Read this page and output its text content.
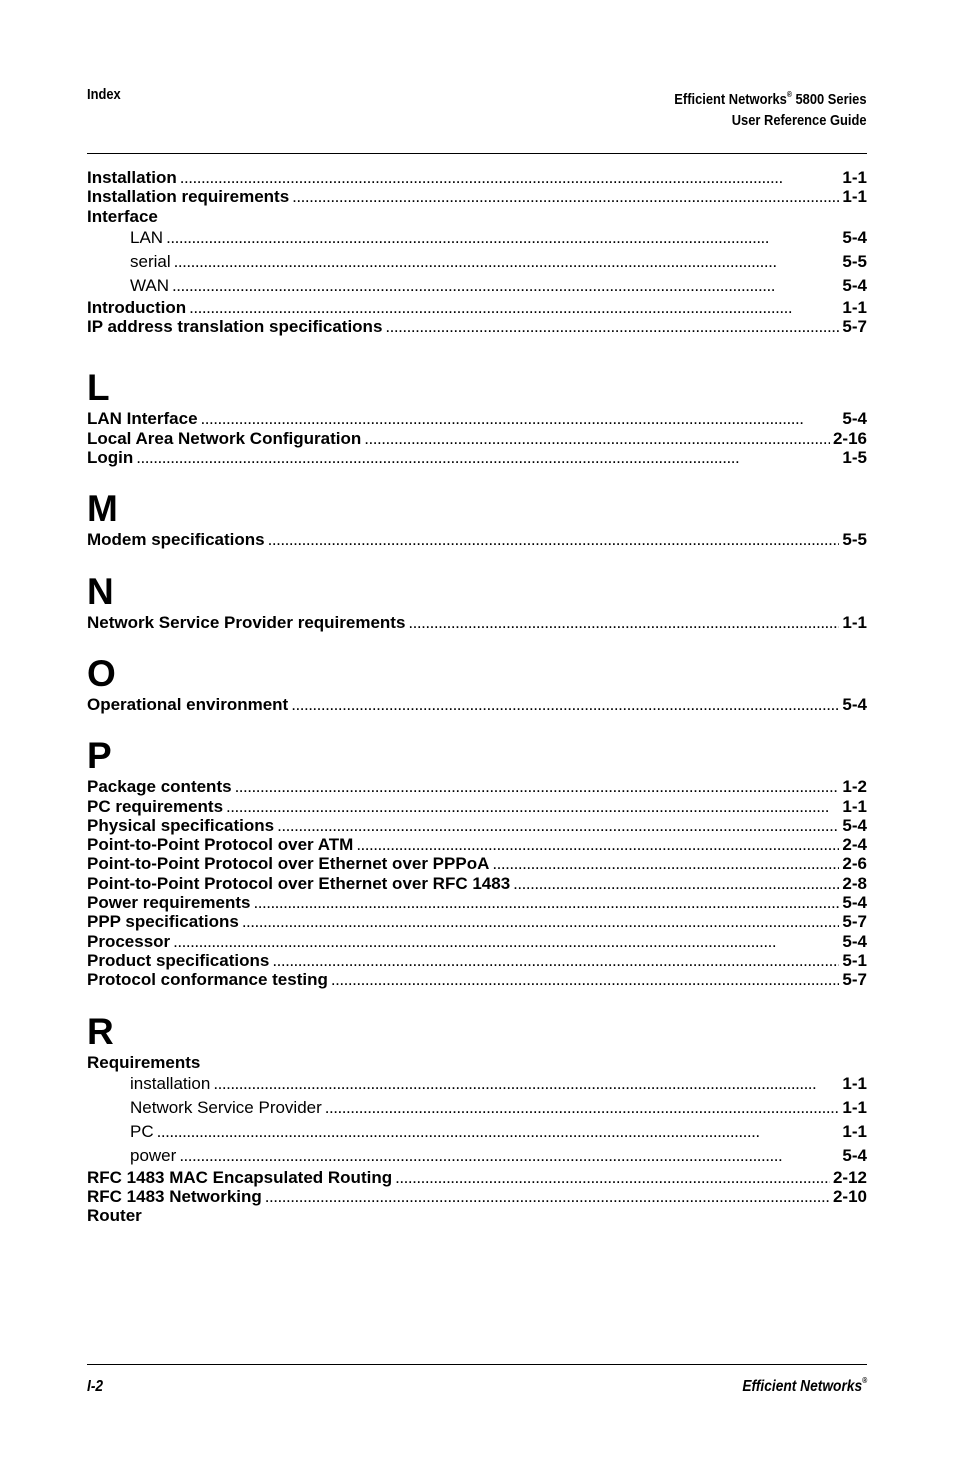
Index	Efficient Networks® 5800 Series
User Reference Guide
Installation . . .	1-1
Installation requirements . . .	1-1
Interface
LAN . . .	5-4
serial . . .	5-5
WAN . . .	5-4
Introduction . . .	1-1
IP address translation specifications . . .	5-7
L
LAN Interface . . .	5-4
Local Area Network Configuration . . .	2-16
Login . . .	1-5
M
Modem specifications . . .	5-5
N
Network Service Provider requirements . . .	1-1
O
Operational environment . . .	5-4
P
Package contents . . .	1-2
PC requirements . . .	1-1
Physical specifications . . .	5-4
Point-to-Point Protocol over ATM . . .	2-4
Point-to-Point Protocol over Ethernet over PPPoA . . .	2-6
Point-to-Point Protocol over Ethernet over RFC 1483 . . .	2-8
Power requirements . . .	5-4
PPP specifications . . .	5-7
Processor . . .	5-4
Product specifications . . .	5-1
Protocol conformance testing . . .	5-7
R
Requirements
installation . . .	1-1
Network Service Provider . . .	1-1
PC . . .	1-1
power . . .	5-4
RFC 1483 MAC Encapsulated Routing . . .	2-12
RFC 1483 Networking . . .	2-10
Router
I-2	Efficient Networks®
